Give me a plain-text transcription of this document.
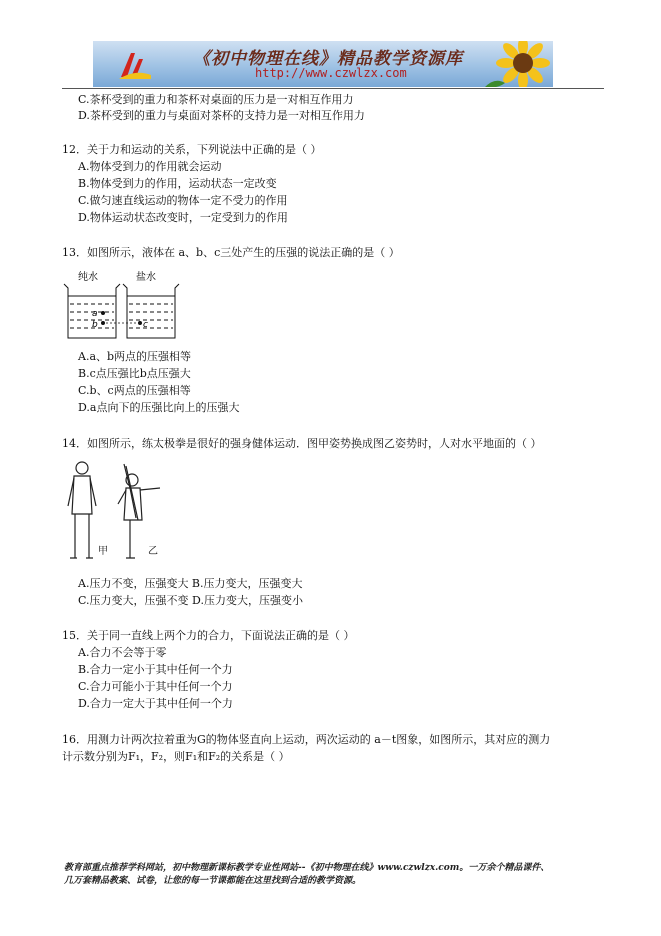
《初中物理在线》精品教学资源库
http://www.czwlzx.com
C.茶杯受到的重力和茶杯对桌面的压力是一对相互作用力
D.茶杯受到的重力与桌面对茶杯的支持力是一对相互作用力
12．关于力和运动的关系，下列说法中正确的是（ ）
A.物体受到力的作用就会运动
B.物体受到力的作用，运动状态一定改变
C.做匀速直线运动的物体一定不受力的作用
D.物体运动状态改变时，一定受到力的作用
13．如图所示，液体在 a、b、c三处产生的压强的说法正确的是（ ）
纯水	盐水
a
b	c
A.a、b两点的压强相等
B.c点压强比b点压强大
C.b、c两点的压强相等
D.a点向下的压强比向上的压强大
14．如图所示，练太极拳是很好的强身健体运动．图甲姿势换成图乙姿势时，人对水平地面的（ ）
甲	乙
A.压力不变，压强变大 B.压力变大，压强变大
C.压力变大，压强不变 D.压力变大，压强变小
15．关于同一直线上两个力的合力，下面说法正确的是（ ）
A.合力不会等于零
B.合力一定小于其中任何一个力
C.合力可能小于其中任何一个力
D.合力一定大于其中任何一个力
16．用测力计两次拉着重为G的物体竖直向上运动，两次运动的 a－t图象，如图所示，其对应的测力
计示数分别为F₁，F₂，则F₁和F₂的关系是（ ）
教育部重点推荐学科网站，初中物理新课标教学专业性网站--《初中物理在线》www.czwlzx.com。一万余个精品课件、
几万套精品教案、试卷，让您的每一节课都能在这里找到合适的教学资源。
